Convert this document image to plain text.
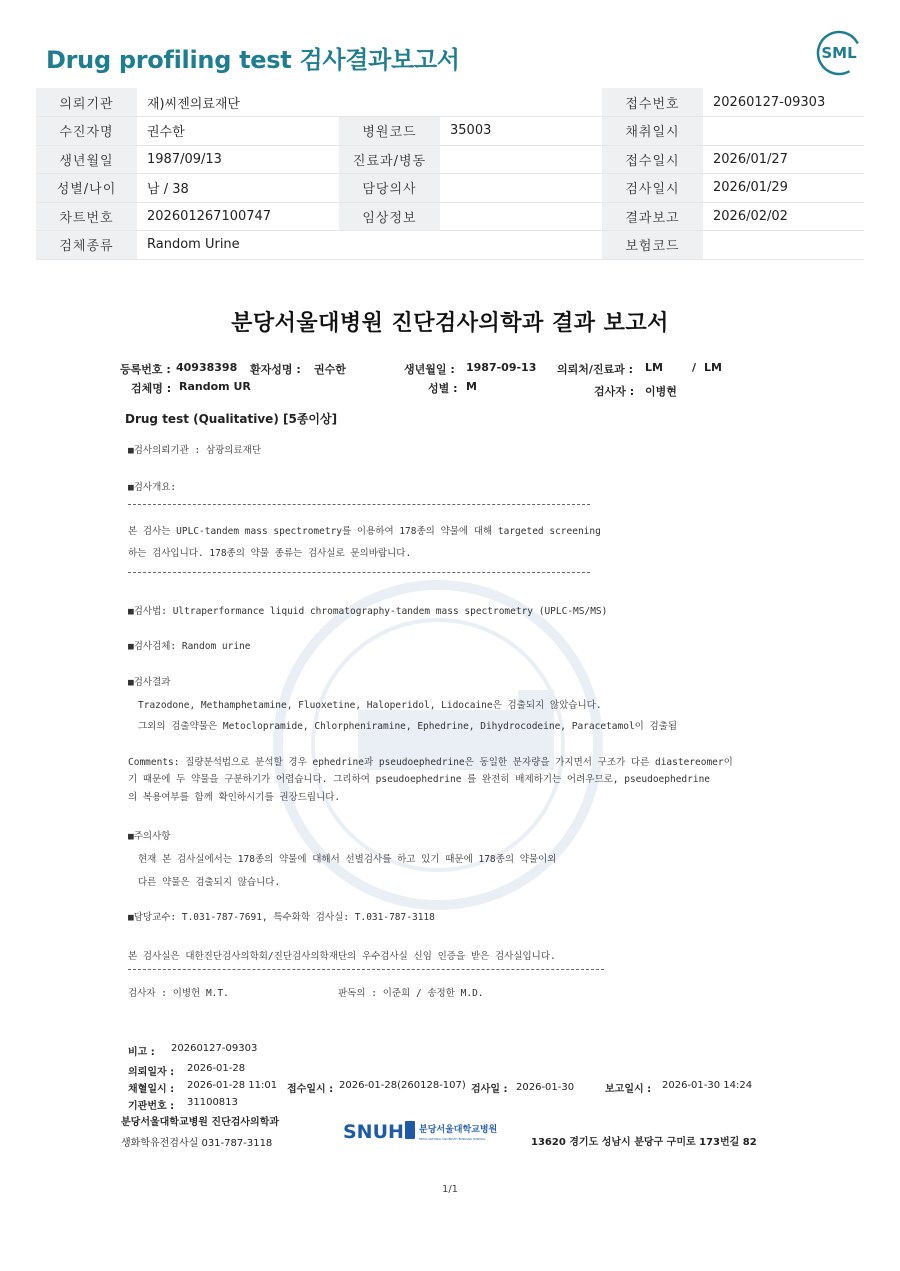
Drug profiling test 검사결과보고서	SML
의뢰기관	재)씨젠의료재단			접수번호	20260127-09303
수진자명	권수한	병원코드	35003	채취일시	
생년월일	1987/09/13	진료과/병동		접수일시	2026/01/27
성별/나이	남 / 38	담당의사		검사일시	2026/01/29
차트번호	202601267100747	임상정보		결과보고	2026/02/02
검체종류	Random Urine			보험코드	
분당서울대병원 진단검사의학과 결과 보고서
등록번호 : 40938398 환자성명 : 권수한	생년월일 : 1987-09-13 의뢰처/진료과 : LM	/ LM
검체명 : Random UR	성별 : M	검사자 : 이병현
Drug test (Qualitative) [5종이상]
■검사의뢰기관 : 삼광의료재단
■검사개요:
본 검사는 UPLC-tandem mass spectrometry를 이용하여 178종의 약물에 대해 targeted screening
하는 검사입니다. 178종의 약물 종류는 검사실로 문의바랍니다.
■검사법: Ultraperformance liquid chromatography-tandem mass spectrometry (UPLC-MS/MS)
■검사검체: Random urine
■검사결과
Trazodone, Methamphetamine, Fluoxetine, Haloperidol, Lidocaine은 검출되지 않았습니다.
그외의 검출약물은 Metoclopramide, Chlorpheniramine, Ephedrine, Dihydrocodeine, Paracetamol이 검출됨
Comments: 질량분석법으로 분석할 경우 ephedrine과 pseudoephedrine은 동일한 분자량을 가지면서 구조가 다른 diastereomer이
기 때문에 두 약물을 구분하기가 어렵습니다. 그리하여 pseudoephedrine 를 완전히 배제하기는 어려우므로, pseudoephedrine
의 복용여부를 함께 확인하시기를 권장드립니다.
■주의사항
현재 본 검사실에서는 178종의 약물에 대해서 선별검사를 하고 있기 때문에 178종의 약물이외
다른 약물은 검출되지 않습니다.
■담당교수: T.031-787-7691, 특수화학 검사실: T.031-787-3118
본 검사실은 대한진단검사의학회/진단검사의학재단의 우수검사실 신임 인증을 받은 검사실입니다.
검사자 : 이병헌 M.T.	판독의 : 이준희 / 송정한 M.D.
비고 : 20260127-09303
의뢰일자 : 2026-01-28
채혈일시 : 2026-01-28 11:01 접수일시 : 2026-01-28(260128-107) 검사일 : 2026-01-30	보고일시 : 2026-01-30 14:24
기관번호 : 31100813
분당서울대학교병원 진단검사의학과
생화학유전검사실 031-787-3118
SNUH 분당서울대학교병원
SEOUL NATIONAL UNIVERSITY BUNDANG HOSPITAL	13620 경기도 성남시 분당구 구미로 173번길 82
1/1
